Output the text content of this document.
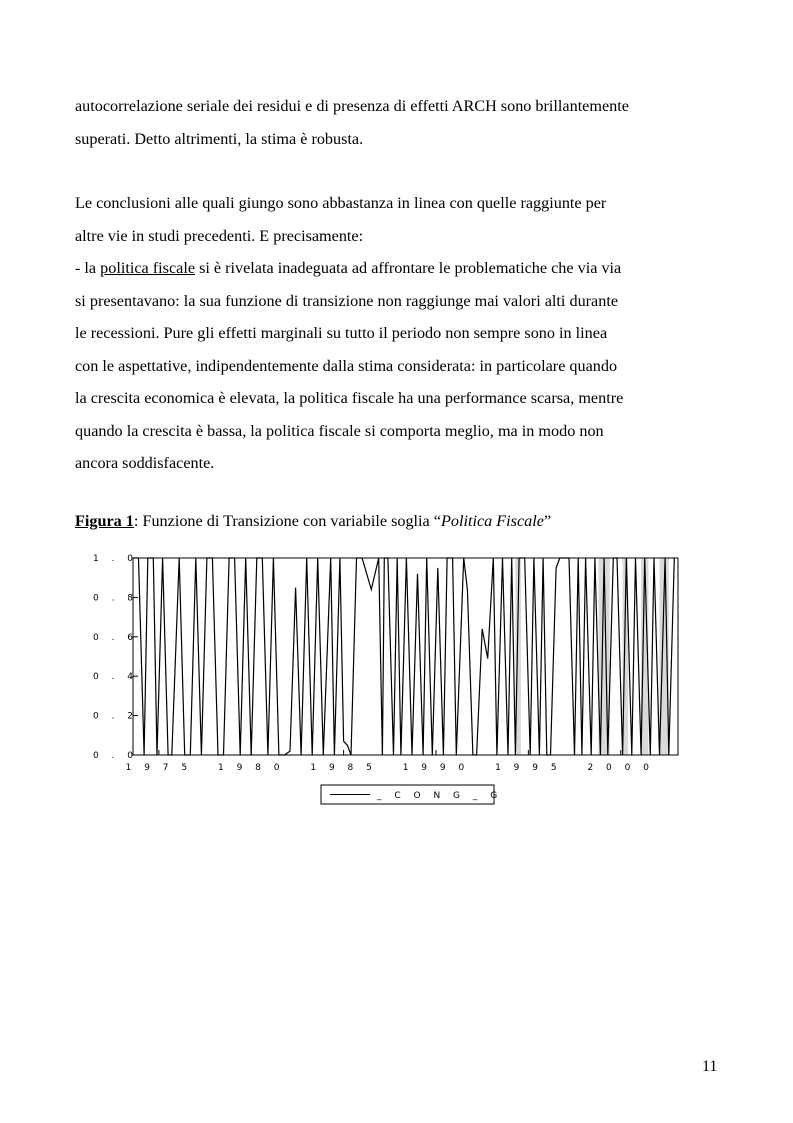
autocorrelazione seriale dei residui e di presenza di effetti ARCH sono brillantemente
superati. Detto altrimenti, la stima è robusta.
Le conclusioni alle quali giungo sono abbastanza in linea con quelle raggiunte per
altre vie in studi precedenti. E precisamente:
- la politica fiscale si è rivelata inadeguata ad affrontare le problematiche che via via
si presentavano: la sua funzione di transizione non raggiunge mai valori alti durante
le recessioni. Pure gli effetti marginali su tutto il periodo non sempre sono in linea
con le aspettative, indipendentemente dalla stima considerata: in particolare quando
la crescita economica è elevata, la politica fiscale ha una performance scarsa, mentre
quando la crescita è bassa, la politica fiscale si comporta meglio, ma in modo non
ancora soddisfacente.
Figura 1: Funzione di Transizione con variabile soglia “Politica Fiscale”
1 . 0
0 . 8
0 . 6
0 . 4
0 . 2
0 . 0
1 9 7 5	1 9 8 0	1 9 8 5	1 9 9 0	1 9 9 5	2 0 0 0
_ C O N G _ G
11
